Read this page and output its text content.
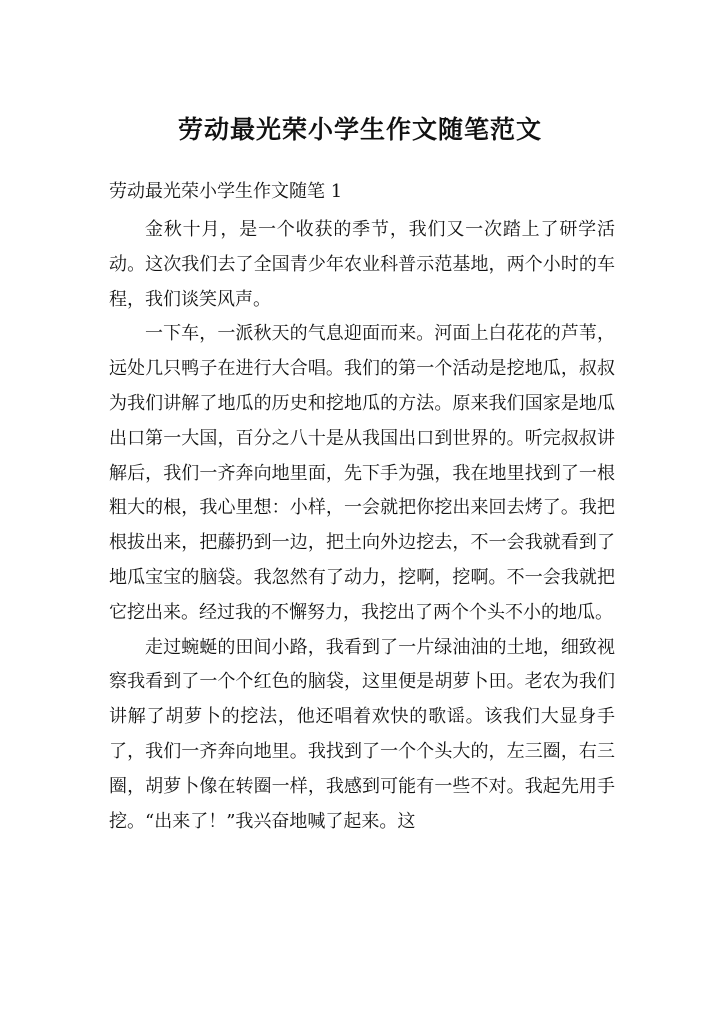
劳动最光荣小学生作文随笔范文
劳动最光荣小学生作文随笔 1

金秋十月，是一个收获的季节，我们又一次踏上了研学活动。这次我们去了全国青少年农业科普示范基地，两个小时的车程，我们谈笑风声。

一下车，一派秋天的气息迎面而来。河面上白花花的芦苇，远处几只鸭子在进行大合唱。我们的第一个活动是挖地瓜，叔叔为我们讲解了地瓜的历史和挖地瓜的方法。原来我们国家是地瓜出口第一大国，百分之八十是从我国出口到世界的。听完叔叔讲解后，我们一齐奔向地里面，先下手为强，我在地里找到了一根粗大的根，我心里想：小样，一会就把你挖出来回去烤了。我把根拔出来，把藤扔到一边，把土向外边挖去，不一会我就看到了地瓜宝宝的脑袋。我忽然有了动力，挖啊，挖啊。不一会我就把它挖出来。经过我的不懈努力，我挖出了两个个头不小的地瓜。

走过蜿蜒的田间小路，我看到了一片绿油油的土地，细致视察我看到了一个个红色的脑袋，这里便是胡萝卜田。老农为我们讲解了胡萝卜的挖法，他还唱着欢快的歌谣。该我们大显身手了，我们一齐奔向地里。我找到了一个个头大的，左三圈，右三圈，胡萝卜像在转圈一样，我感到可能有一些不对。我起先用手挖。“出来了！”我兴奋地喊了起来。这
